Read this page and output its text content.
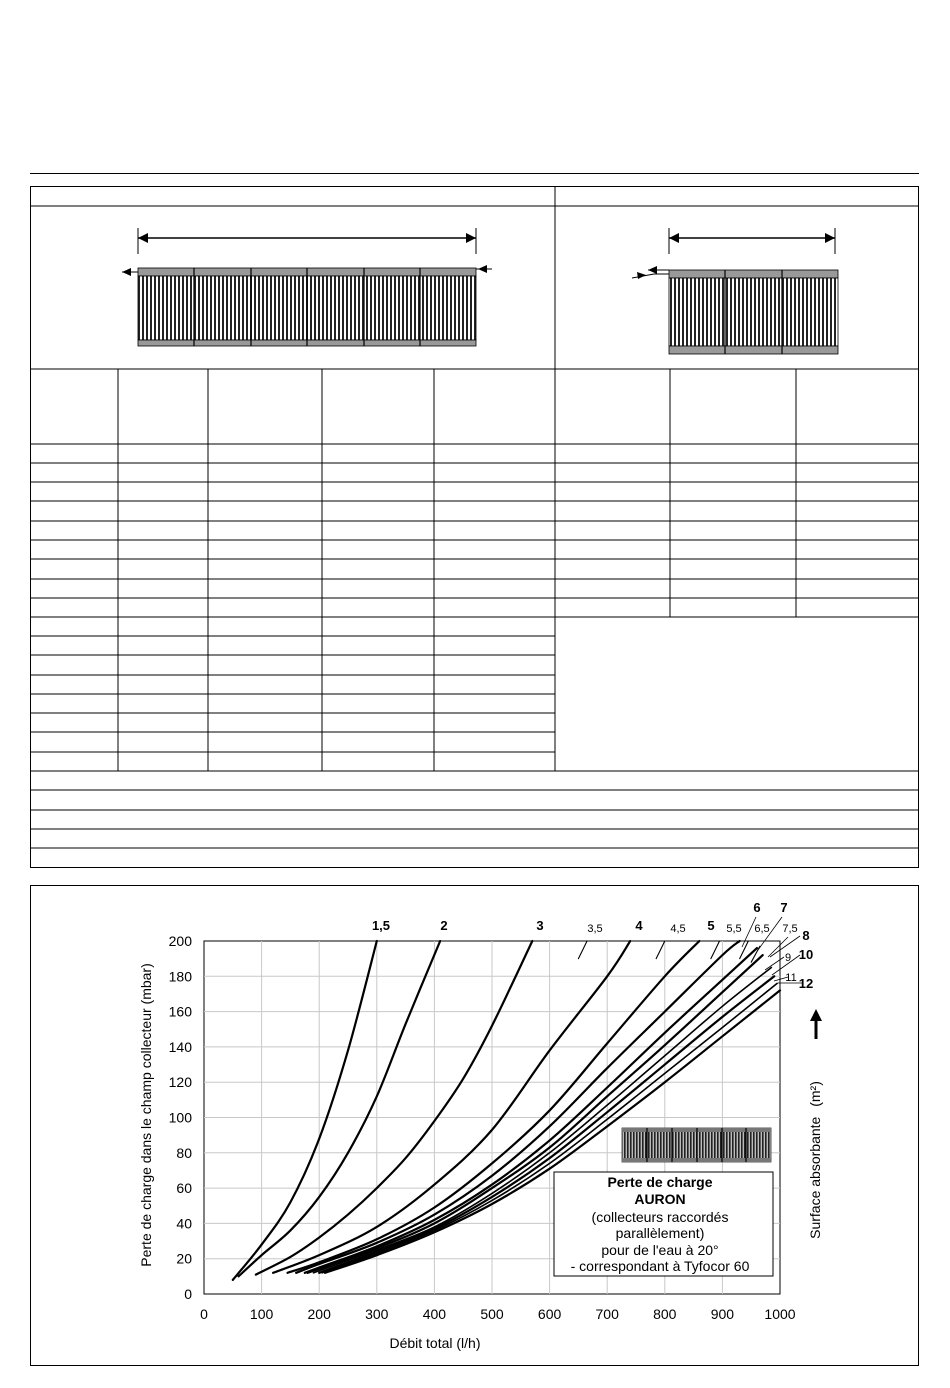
0	100 200 300 400 500 600 700 800 900 1000
0
20
40
60
80
100
120
140
160
180
200
1,5	2	3	3,5	4	4,5 5 5,5
6
6,5
7
7,5 8
9 10
11 12
Débit total (l/h)
Perte de charge dans le champ collecteur (mbar)	Surface absorbante (m²)
Perte de charge
AURON
(collecteurs raccordés
parallèlement)
pour de l'eau à 20°
- correspondant à Tyfocor 60
